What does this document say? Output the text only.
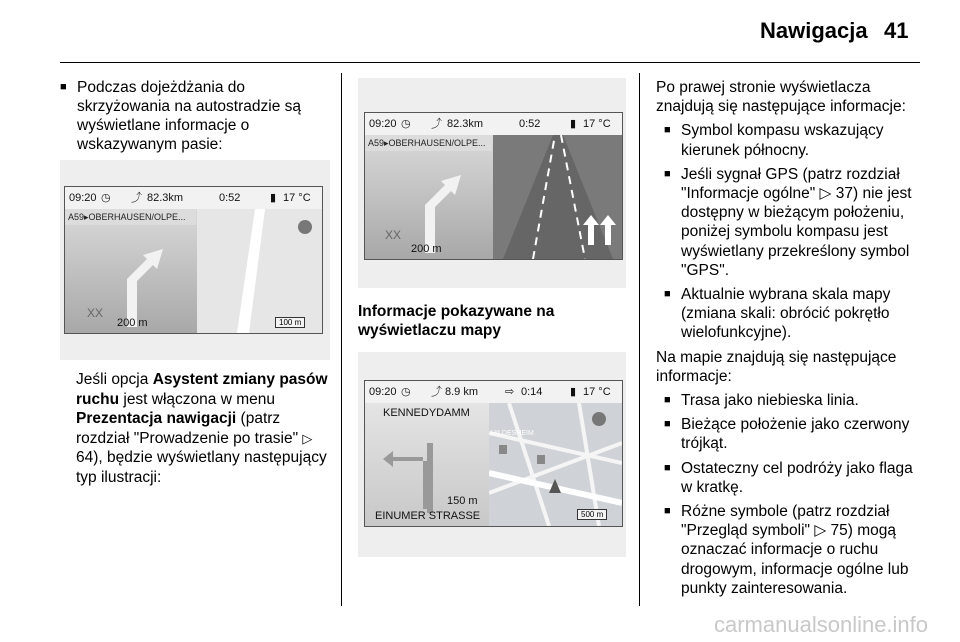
Nawigacja 41

■ Podczas dojeżdżania do skrzyżowania na autostradzie są wyświetlane informacje o wskazywanym pasie:

09:20 ◷ ⤴ 82.3km	0:52	▮ 17 °C
XX
A59▸OBERHAUSEN/OLPE...
200 m	100 m

Jeśli opcja Asystent zmiany pasów ruchu jest włączona w menu Prezentacja nawigacji (patrz rozdział "Prowadzenie po trasie" ▷ 64), będzie wyświetlany następujący typ ilustracji:

09:20 ◷ ⤴ 82.3km	0:52	▮ 17 °C
XX
A59▸OBERHAUSEN/OLPE...
200 m

Informacje pokazywane na wyświetlaczu mapy

09:20 ◷ ⤴ 8.9 km ⇨ 0:14	▮ 17 °C
KENNEDYDAMM
150 m
EINUMER STRASSE
HILDESHEIM
500 m

Po prawej stronie wyświetlacza znajdują się następujące informacje:

■ Symbol kompasu wskazujący kierunek północny.

■ Jeśli sygnał GPS (patrz rozdział "Informacje ogólne" ▷ 37) nie jest dostępny w bieżącym położeniu, poniżej symbolu kompasu jest wyświetlany przekreślony symbol "GPS".

■ Aktualnie wybrana skala mapy (zmiana skali: obrócić pokrętło wielofunkcyjne).

Na mapie znajdują się następujące informacje:

■ Trasa jako niebieska linia.

■ Bieżące położenie jako czerwony trójkąt.

■ Ostateczny cel podróży jako flaga w kratkę.

■ Różne symbole (patrz rozdział "Przegląd symboli" ▷ 75) mogą oznaczać informacje o ruchu drogowym, informacje ogólne lub punkty zainteresowania.

carmanualsonline.info
